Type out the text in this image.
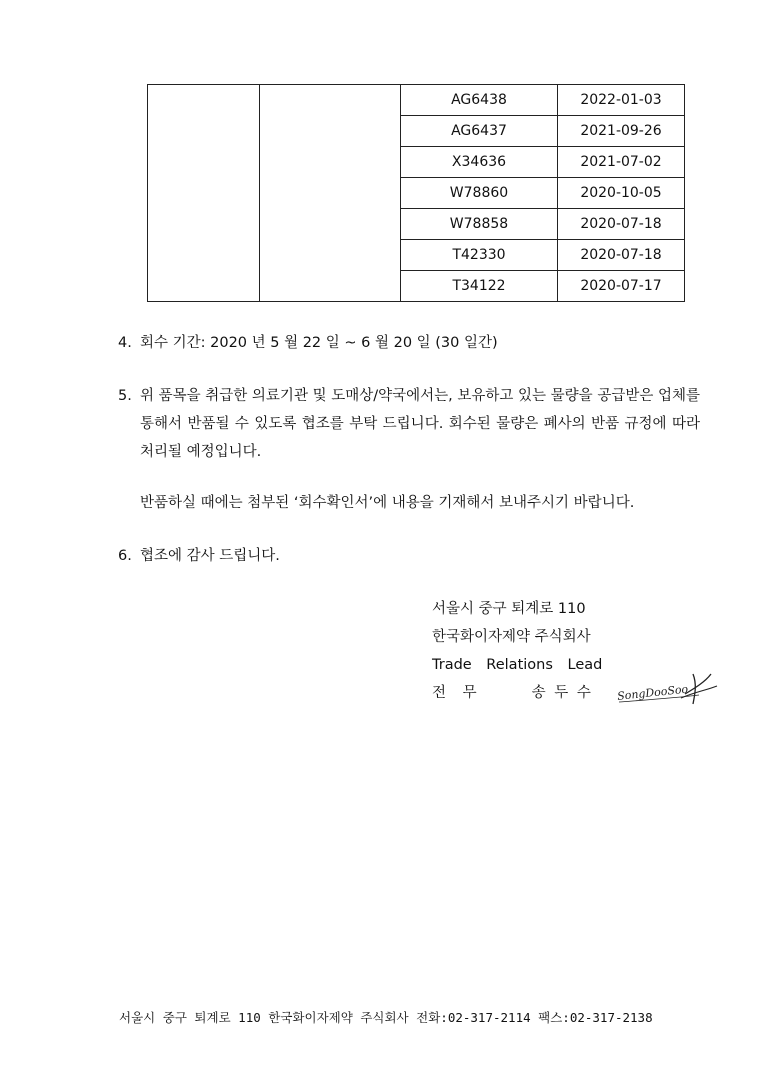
		AG6438	2022-01-03
		AG6437	2021-09-26
		X34636	2021-07-02
		W78860	2020-10-05
		W78858	2020-07-18
		T42330	2020-07-18
		T34122	2020-07-17
4. 회수 기간: 2020 년 5 월 22 일 ~ 6 월 20 일 (30 일간)
5. 위 품목을 취급한 의료기관 및 도매상/약국에서는, 보유하고 있는 물량을 공급받은 업체를 통해서 반품될 수 있도록 협조를 부탁 드립니다. 회수된 물량은 폐사의 반품 규정에 따라 처리될 예정입니다.
반품하실 때에는 첨부된 ‘회수확인서’에 내용을 기재해서 보내주시기 바랍니다.
6. 협조에 감사 드립니다.
서울시 중구 퇴계로 110
한국화이자제약 주식회사
Trade Relations Lead
전 무	송 두 수	SongDooSoo
서울시 중구 퇴계로 110 한국화이자제약 주식회사 전화:02-317-2114 팩스:02-317-2138
